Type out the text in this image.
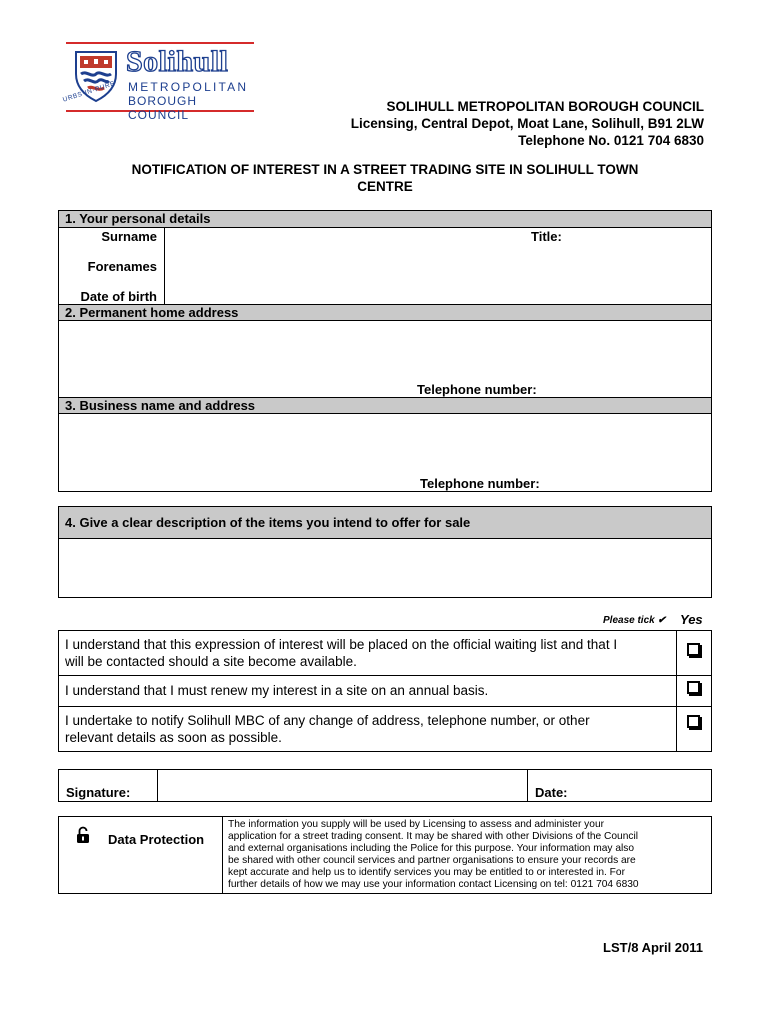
Solihull
METROPOLITAN
BOROUGH COUNCIL
URBS·IN·RURE
SOLIHULL METROPOLITAN BOROUGH COUNCIL
Licensing, Central Depot, Moat Lane, Solihull, B91 2LW
Telephone No. 0121 704 6830
NOTIFICATION OF INTEREST IN A STREET TRADING SITE IN SOLIHULL TOWN
CENTRE
1. Your personal details
Surname
Forenames
Date of birth
Title:
2. Permanent home address
Telephone number:
3. Business name and address
Telephone number:
4. Give a clear description of the items you intend to offer for sale
Please tick ✔ Yes
I understand that this expression of interest will be placed on the official waiting list and that I
will be contacted should a site become available.
I understand that I must renew my interest in a site on an annual basis.
I undertake to notify Solihull MBC of any change of address, telephone number, or other
relevant details as soon as possible.
Signature:	Date:
Data Protection
The information you supply will be used by Licensing to assess and administer your
application for a street trading consent. It may be shared with other Divisions of the Council
and external organisations including the Police for this purpose. Your information may also
be shared with other council services and partner organisations to ensure your records are
kept accurate and help us to identify services you may be entitled to or interested in. For
further details of how we may use your information contact Licensing on tel: 0121 704 6830
LST/8 April 2011
